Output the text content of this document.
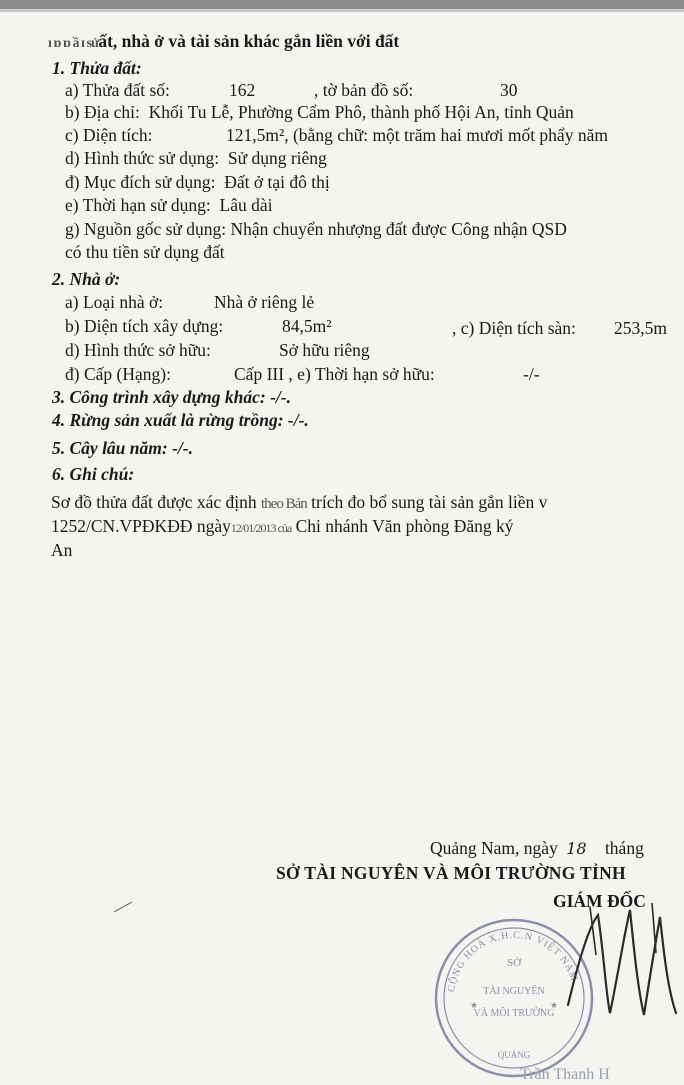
ı ɒ ɒ ầ ɪ sửất, nhà ở và tài sản khác gắn liền với đất
1. Thửa đất:
a) Thửa đất số:	162	, tờ bản đồ số:	30
b) Địa chỉ: Khối Tu Lễ, Phường Cẩm Phô, thành phố Hội An, tỉnh Quản
c) Diện tích:	121,5m², (bằng chữ: một trăm hai mươi mốt phẩy năm
d) Hình thức sử dụng: Sử dụng riêng
đ) Mục đích sử dụng: Đất ở tại đô thị
e) Thời hạn sử dụng: Lâu dài
g) Nguồn gốc sử dụng: Nhận chuyển nhượng đất được Công nhận QSD
có thu tiền sử dụng đất
2. Nhà ở:
a) Loại nhà ở:	Nhà ở riêng lẻ
b) Diện tích xây dựng:	84,5m²	, c) Diện tích sàn: 253,5m
d) Hình thức sở hữu:	Sở hữu riêng
đ) Cấp (Hạng):	Cấp III , e) Thời hạn sở hữu:	-/-
3. Công trình xây dựng khác: -/-.
4. Rừng sản xuất là rừng trồng: -/-.
5. Cây lâu năm: -/-.
6. Ghi chú:
Sơ đồ thửa đất được xác định theo Bản trích đo bổ sung tài sản gắn liền v
1252/CN.VPĐKĐĐ ngày12/01/2013 của Chi nhánh Văn phòng Đăng ký
An
Quảng Nam, ngày 18 tháng
SỞ TÀI NGUYÊN VÀ MÔI TRƯỜNG TỈNH
GIÁM ĐỐC
CỘNG HOÀ X.H.C.N VIỆT NAM
SỞ
TÀI NGUYÊN
VÀ MÔI TRƯỜNG
QUẢNG
★	★
Trần Thanh H
